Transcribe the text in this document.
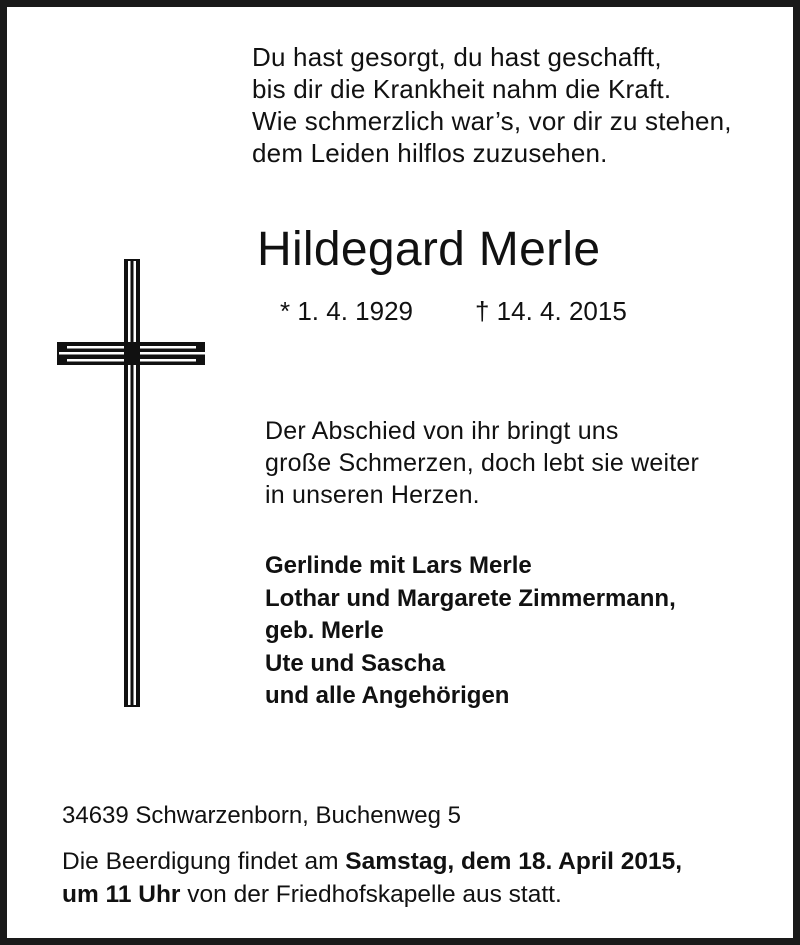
Du hast gesorgt, du hast geschafft,
bis dir die Krankheit nahm die Kraft.
Wie schmerzlich war’s, vor dir zu stehen,
dem Leiden hilflos zuzusehen.
Hildegard Merle
* 1. 4. 1929 † 14. 4. 2015
Der Abschied von ihr bringt uns
große Schmerzen, doch lebt sie weiter
in unseren Herzen.
Gerlinde mit Lars Merle
Lothar und Margarete Zimmermann,
geb. Merle
Ute und Sascha
und alle Angehörigen
34639 Schwarzenborn, Buchenweg 5
Die Beerdigung findet am Samstag, dem 18. April 2015,
um 11 Uhr von der Friedhofskapelle aus statt.
